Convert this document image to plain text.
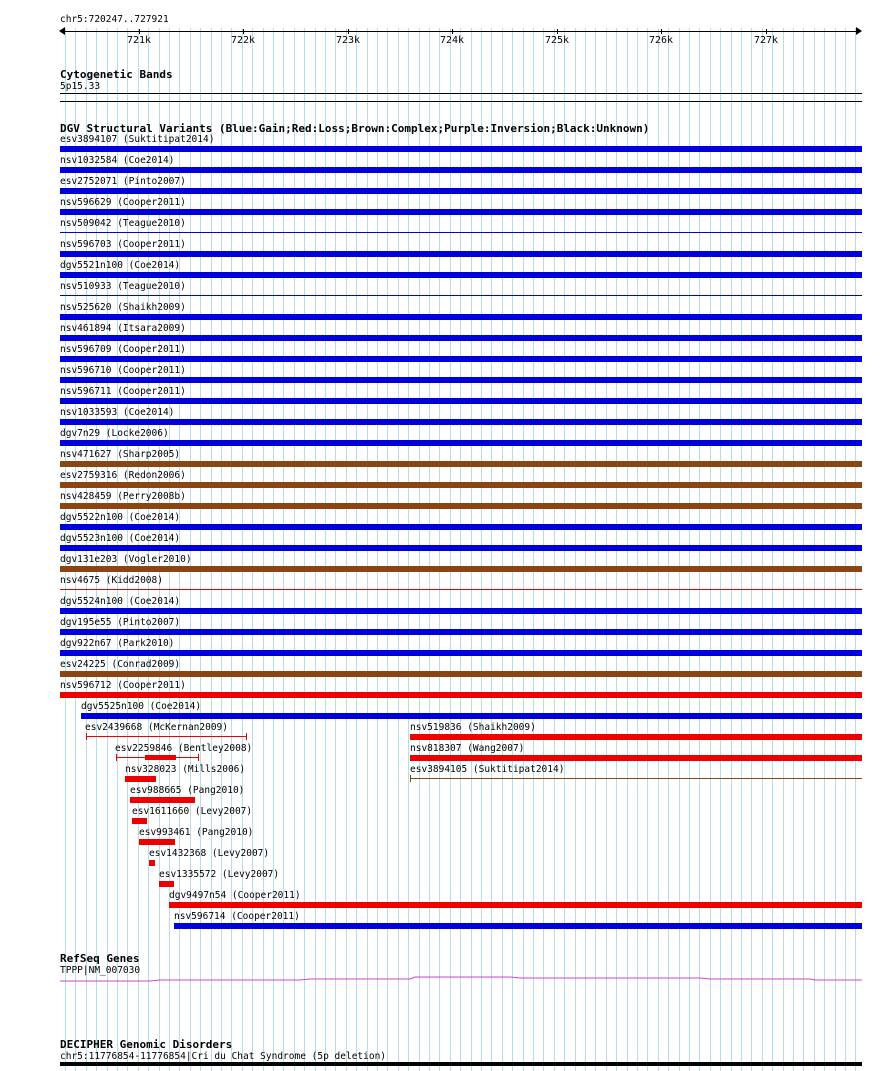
chr5:720247..727921
721k	722k	723k	724k	725k	726k	727k
Cytogenetic Bands
5p15.33
DGV Structural Variants (Blue:Gain;Red:Loss;Brown:Complex;Purple:Inversion;Black:Unknown)
esv3894107 (Suktitipat2014)
nsv1032584 (Coe2014)
esv2752071 (Pinto2007)
nsv596629 (Cooper2011)
nsv509042 (Teague2010)
nsv596703 (Cooper2011)
dgv5521n100 (Coe2014)
nsv510933 (Teague2010)
nsv525620 (Shaikh2009)
nsv461894 (Itsara2009)
nsv596709 (Cooper2011)
nsv596710 (Cooper2011)
nsv596711 (Cooper2011)
nsv1033593 (Coe2014)
dgv7n29 (Locke2006)
nsv471627 (Sharp2005)
esv2759316 (Redon2006)
nsv428459 (Perry2008b)
dgv5522n100 (Coe2014)
dgv5523n100 (Coe2014)
dgv131e203 (Vogler2010)
nsv4675 (Kidd2008)
dgv5524n100 (Coe2014)
dgv195e55 (Pinto2007)
dgv922n67 (Park2010)
esv24225 (Conrad2009)
nsv596712 (Cooper2011)
dgv5525n100 (Coe2014)
esv2439668 (McKernan2009)	nsv519836 (Shaikh2009)
esv2259846 (Bentley2008)	nsv818307 (Wang2007)
nsv328023 (Mills2006)	esv3894105 (Suktitipat2014)
esv988665 (Pang2010)
esv1611660 (Levy2007)
esv993461 (Pang2010)
esv1432368 (Levy2007)
esv1335572 (Levy2007)
dgv9497n54 (Cooper2011)
nsv596714 (Cooper2011)
RefSeq Genes
TPPP|NM_007030
DECIPHER Genomic Disorders
chr5:11776854-11776854|Cri du Chat Syndrome (5p deletion)
